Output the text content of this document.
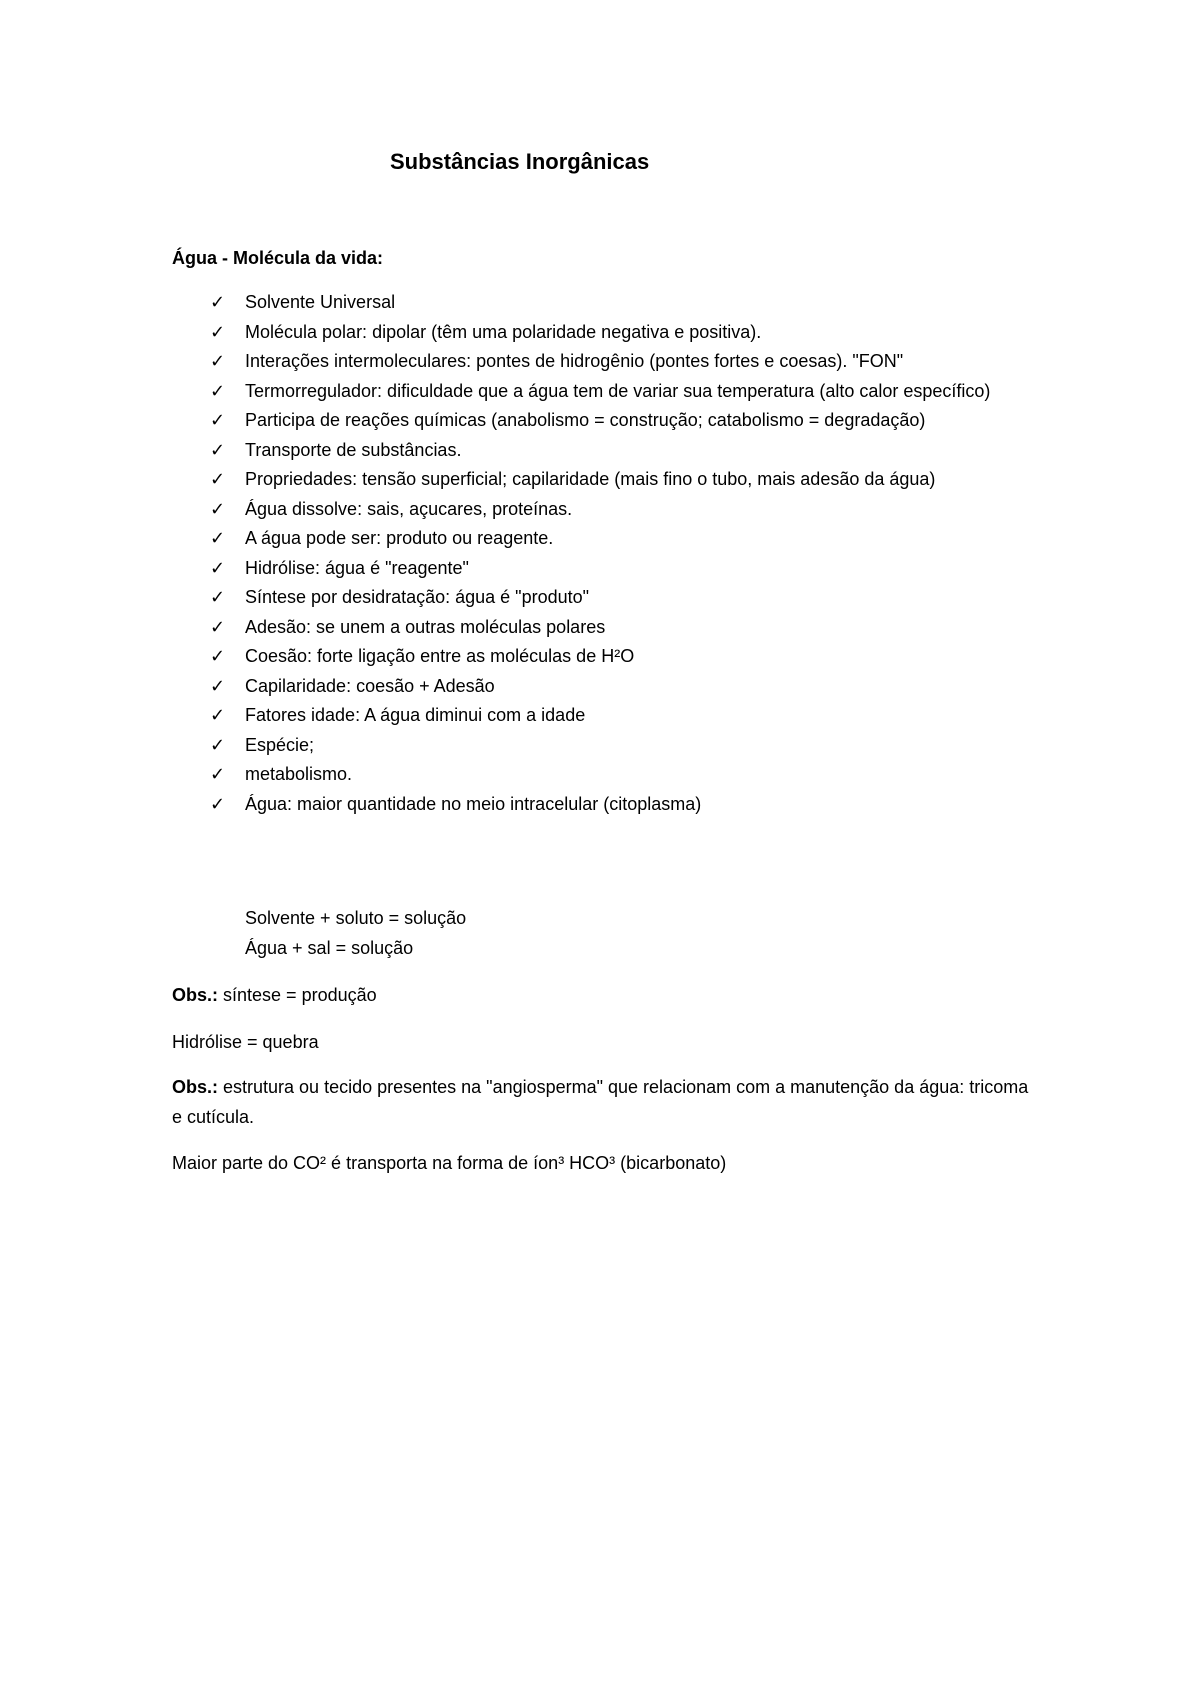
Substâncias Inorgânicas
Água - Molécula da vida:
✓	Solvente Universal
✓	Molécula polar: dipolar (têm uma polaridade negativa e positiva).
✓	Interações intermoleculares: pontes de hidrogênio (pontes fortes e coesas). "FON"
✓	Termorregulador: dificuldade que a água tem de variar sua temperatura (alto calor específico)
✓	Participa de reações químicas (anabolismo = construção; catabolismo = degradação)
✓	Transporte de substâncias.
✓	Propriedades: tensão superficial; capilaridade (mais fino o tubo, mais adesão da água)
✓	Água dissolve: sais, açucares, proteínas.
✓	A água pode ser: produto ou reagente.
✓	Hidrólise: água é "reagente"
✓	Síntese por desidratação: água é "produto"
✓	Adesão: se unem a outras moléculas polares
✓	Coesão: forte ligação entre as moléculas de H²O
✓	Capilaridade: coesão + Adesão
✓	Fatores idade: A água diminui com a idade
✓	Espécie;
✓	metabolismo.
✓	Água: maior quantidade no meio intracelular (citoplasma)
Solvente + soluto = solução
Água + sal = solução
Obs.: síntese = produção
Hidrólise = quebra
Obs.: estrutura ou tecido presentes na "angiosperma" que relacionam com a manutenção da água: tricoma e cutícula.
Maior parte do CO² é transporta na forma de íon³ HCO³ (bicarbonato)
